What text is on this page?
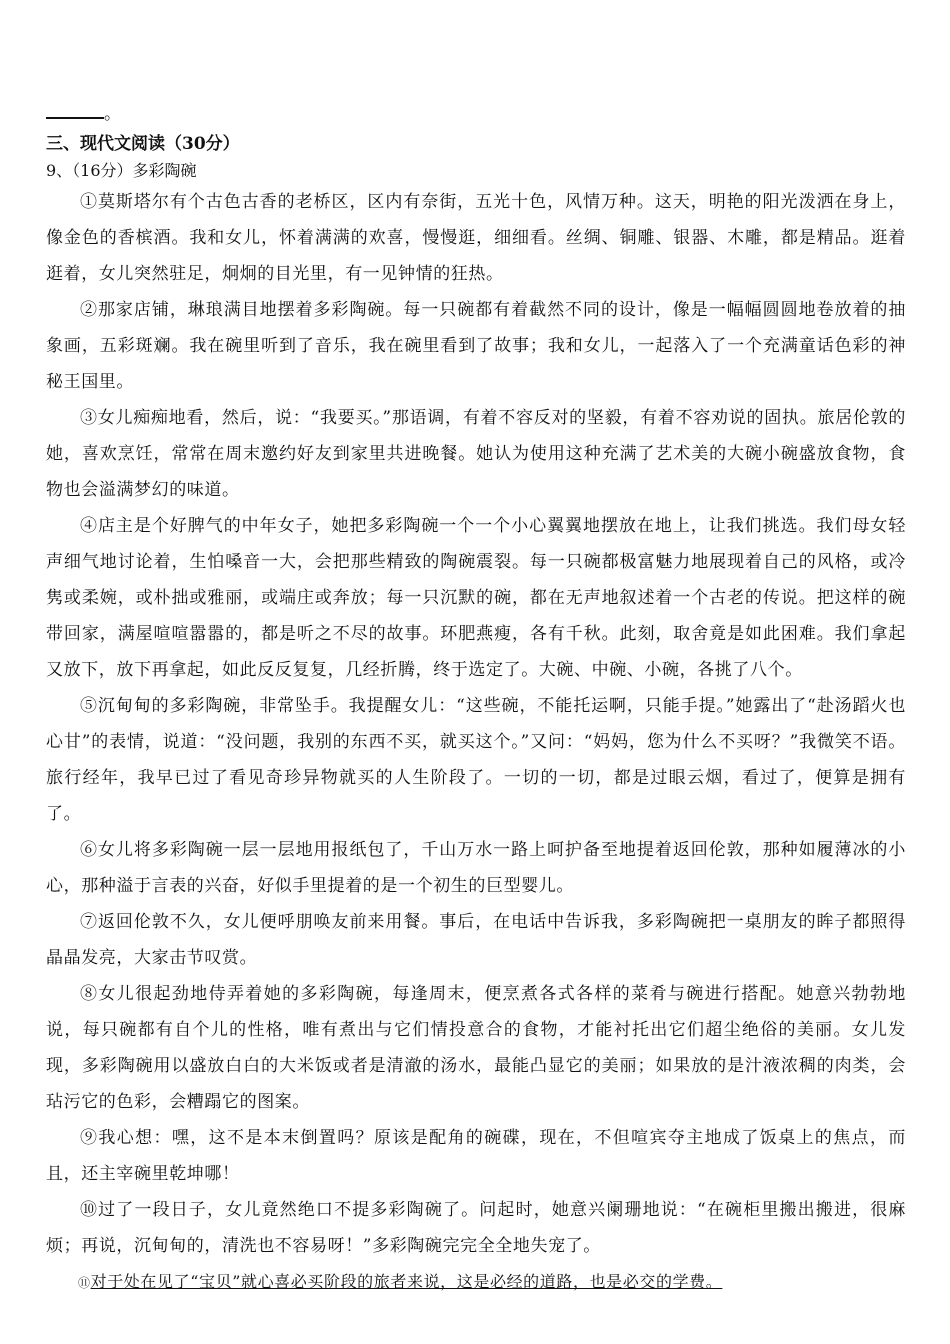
。
三、现代文阅读（30分）
9、（16分）多彩陶碗

①莫斯塔尔有个古色古香的老桥区，区内有奈街，五光十色，风情万种。这天，明艳的阳光泼洒在身上，像金色的香槟酒。我和女儿，怀着满满的欢喜，慢慢逛，细细看。丝绸、铜雕、银器、木雕，都是精品。逛着逛着，女儿突然驻足，炯炯的目光里，有一见钟情的狂热。

②那家店铺，琳琅满目地摆着多彩陶碗。每一只碗都有着截然不同的设计，像是一幅幅圆圆地卷放着的抽象画，五彩斑斓。我在碗里听到了音乐，我在碗里看到了故事；我和女儿，一起落入了一个充满童话色彩的神秘王国里。

③女儿痴痴地看，然后，说：“我要买。”那语调，有着不容反对的坚毅，有着不容劝说的固执。旅居伦敦的她，喜欢烹饪，常常在周末邀约好友到家里共进晚餐。她认为使用这种充满了艺术美的大碗小碗盛放食物，食物也会溢满梦幻的味道。

④店主是个好脾气的中年女子，她把多彩陶碗一个一个小心翼翼地摆放在地上，让我们挑选。我们母女轻声细气地讨论着，生怕嗓音一大，会把那些精致的陶碗震裂。每一只碗都极富魅力地展现着自己的风格，或冷隽或柔婉，或朴拙或雅丽，或端庄或奔放；每一只沉默的碗，都在无声地叙述着一个古老的传说。把这样的碗带回家，满屋喧喧嚣嚣的，都是听之不尽的故事。环肥燕瘦，各有千秋。此刻，取舍竟是如此困难。我们拿起又放下，放下再拿起，如此反反复复，几经折腾，终于选定了。大碗、中碗、小碗，各挑了八个。

⑤沉甸甸的多彩陶碗，非常坠手。我提醒女儿：“这些碗，不能托运啊，只能手提。”她露出了“赴汤蹈火也心甘”的表情，说道：“没问题，我别的东西不买，就买这个。”又问：“妈妈，您为什么不买呀？”我微笑不语。旅行经年，我早已过了看见奇珍异物就买的人生阶段了。一切的一切，都是过眼云烟，看过了，便算是拥有了。

⑥女儿将多彩陶碗一层一层地用报纸包了，千山万水一路上呵护备至地提着返回伦敦，那种如履薄冰的小心，那种溢于言表的兴奋，好似手里提着的是一个初生的巨型婴儿。

⑦返回伦敦不久，女儿便呼朋唤友前来用餐。事后，在电话中告诉我，多彩陶碗把一桌朋友的眸子都照得晶晶发亮，大家击节叹赏。

⑧女儿很起劲地侍弄着她的多彩陶碗，每逢周末，便烹煮各式各样的菜肴与碗进行搭配。她意兴勃勃地说，每只碗都有自个儿的性格，唯有煮出与它们情投意合的食物，才能衬托出它们超尘绝俗的美丽。女儿发现，多彩陶碗用以盛放白白的大米饭或者是清澈的汤水，最能凸显它的美丽；如果放的是汁液浓稠的肉类，会玷污它的色彩，会糟蹋它的图案。

⑨我心想：嘿，这不是本末倒置吗？原该是配角的碗碟，现在，不但喧宾夺主地成了饭桌上的焦点，而且，还主宰碗里乾坤哪！

⑩过了一段日子，女儿竟然绝口不提多彩陶碗了。问起时，她意兴阑珊地说：“在碗柜里搬出搬进，很麻烦；再说，沉甸甸的，清洗也不容易呀！”多彩陶碗完完全全地失宠了。

⑪对于处在见了“宝贝”就心喜必买阶段的旅者来说，这是必经的道路，也是必交的学费。
